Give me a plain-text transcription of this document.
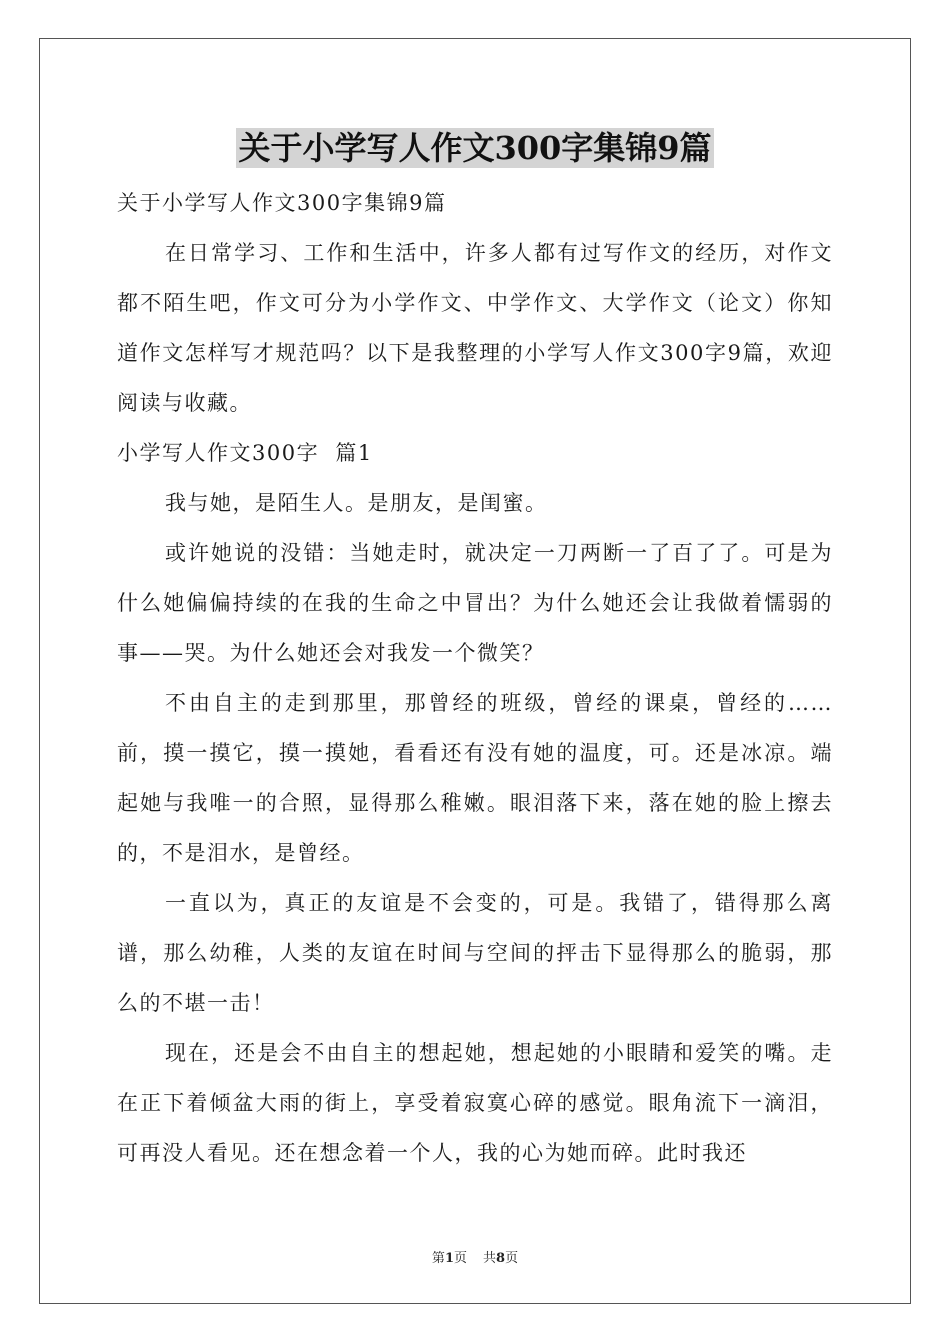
关于小学写人作文300字集锦9篇

关于小学写人作文300字集锦9篇

在日常学习、工作和生活中，许多人都有过写作文的经历，对作文都不陌生吧，作文可分为小学作文、中学作文、大学作文（论文）你知道作文怎样写才规范吗？以下是我整理的小学写人作文300字9篇，欢迎阅读与收藏。

小学写人作文300字  篇1

我与她，是陌生人。是朋友，是闺蜜。

或许她说的没错：当她走时，就决定一刀两断一了百了了。可是为什么她偏偏持续的在我的生命之中冒出？为什么她还会让我做着懦弱的事——哭。为什么她还会对我发一个微笑？

不由自主的走到那里，那曾经的班级，曾经的课桌，曾经的……前，摸一摸它，摸一摸她，看看还有没有她的温度，可。还是冰凉。端起她与我唯一的合照，显得那么稚嫩。眼泪落下来，落在她的脸上擦去的，不是泪水，是曾经。

一直以为，真正的友谊是不会变的，可是。我错了，错得那么离谱，那么幼稚，人类的友谊在时间与空间的抨击下显得那么的脆弱，那么的不堪一击！

现在，还是会不由自主的想起她，想起她的小眼睛和爱笑的嘴。走在正下着倾盆大雨的街上，享受着寂寞心碎的感觉。眼角流下一滴泪，可再没人看见。还在想念着一个人，我的心为她而碎。此时我还

第1页 共8页
